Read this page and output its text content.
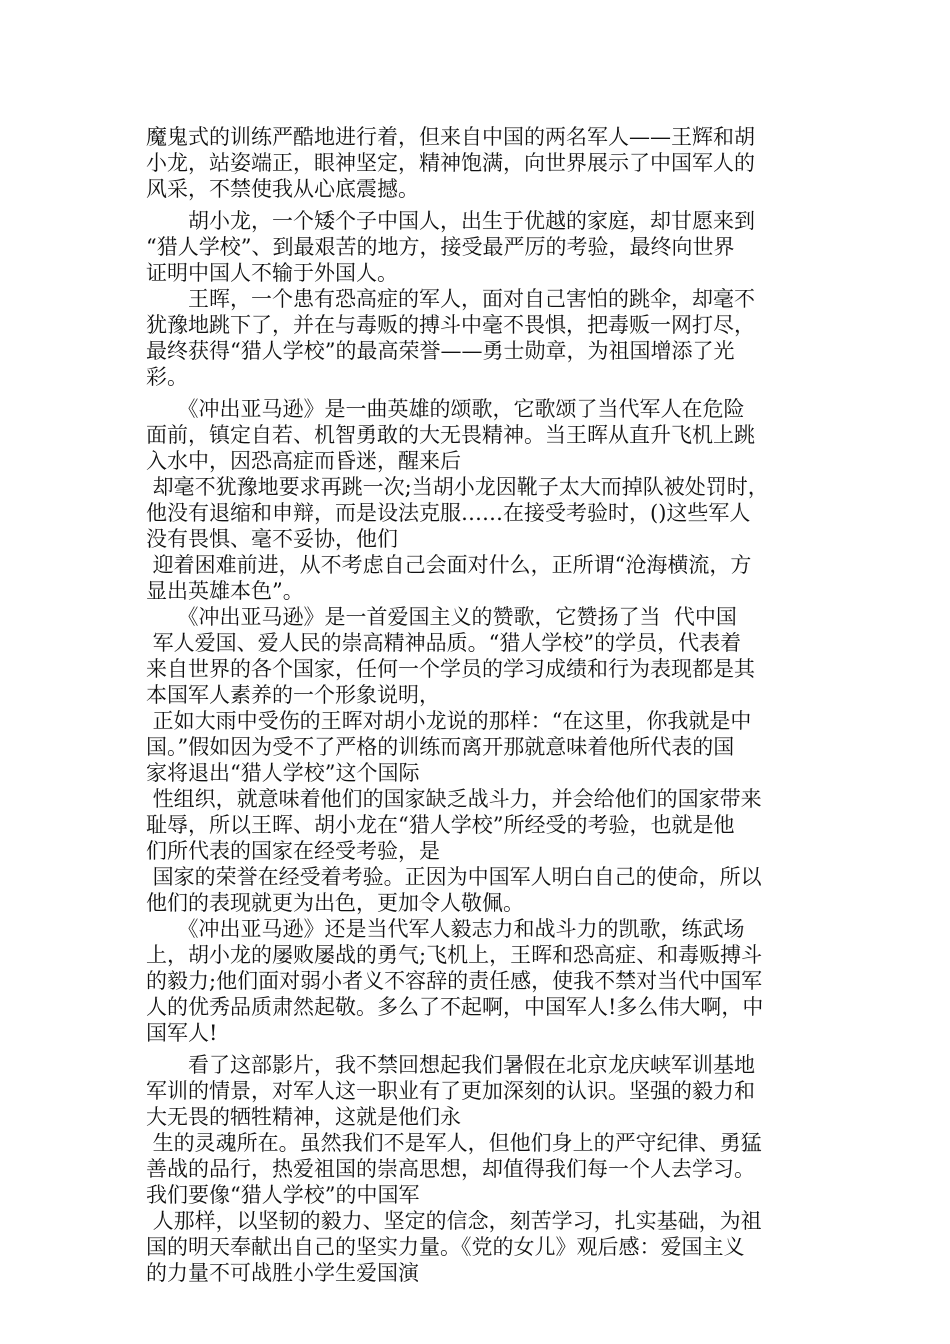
魔鬼式的训练严酷地进行着，但来自中国的两名军人——王辉和胡
小龙，站姿端正，眼神坚定，精神饱满，向世界展示了中国军人的
风采，不禁使我从心底震撼。
　　胡小龙，一个矮个子中国人，出生于优越的家庭，却甘愿来到
“猎人学校”、到最艰苦的地方，接受最严厉的考验，最终向世界
证明中国人不输于外国人。
　　王晖，一个患有恐高症的军人，面对自己害怕的跳伞，却毫不
犹豫地跳下了，并在与毒贩的搏斗中毫不畏惧，把毒贩一网打尽，
最终获得“猎人学校”的最高荣誉——勇士勋章，为祖国增添了光
彩。
　　《冲出亚马逊》是一曲英雄的颂歌，它歌颂了当代军人在危险
面前，镇定自若、机智勇敢的大无畏精神。当王晖从直升飞机上跳
入水中，因恐高症而昏迷，醒来后
却毫不犹豫地要求再跳一次;当胡小龙因靴子太大而掉队被处罚时，
他没有退缩和申辩，而是设法克服……在接受考验时，()这些军人
没有畏惧、毫不妥协，他们
迎着困难前进，从不考虑自己会面对什么，正所谓“沧海横流，方
显出英雄本色”。
　　《冲出亚马逊》是一首爱国主义的赞歌，它赞扬了当  代中国
军人爱国、爱人民的崇高精神品质。“猎人学校”的学员，代表着
来自世界的各个国家，任何一个学员的学习成绩和行为表现都是其
本国军人素养的一个形象说明，
正如大雨中受伤的王晖对胡小龙说的那样：“在这里，你我就是中
国。”假如因为受不了严格的训练而离开那就意味着他所代表的国
家将退出“猎人学校”这个国际
性组织，就意味着他们的国家缺乏战斗力，并会给他们的国家带来
耻辱，所以王晖、胡小龙在“猎人学校”所经受的考验，也就是他
们所代表的国家在经受考验，是
国家的荣誉在经受着考验。正因为中国军人明白自己的使命，所以
他们的表现就更为出色，更加令人敬佩。
　　《冲出亚马逊》还是当代军人毅志力和战斗力的凯歌，练武场
上，胡小龙的屡败屡战的勇气;飞机上，王晖和恐高症、和毒贩搏斗
的毅力;他们面对弱小者义不容辞的责任感，使我不禁对当代中国军
人的优秀品质肃然起敬。多么了不起啊，中国军人!多么伟大啊，中
国军人!
　　看了这部影片，我不禁回想起我们暑假在北京龙庆峡军训基地
军训的情景，对军人这一职业有了更加深刻的认识。坚强的毅力和
大无畏的牺牲精神，这就是他们永
生的灵魂所在。虽然我们不是军人，但他们身上的严守纪律、勇猛
善战的品行，热爱祖国的崇高思想，却值得我们每一个人去学习。
我们要像“猎人学校”的中国军
人那样，以坚韧的毅力、坚定的信念，刻苦学习，扎实基础，为祖
国的明天奉献出自己的坚实力量。《党的女儿》观后感：爱国主义
的力量不可战胜小学生爱国演
